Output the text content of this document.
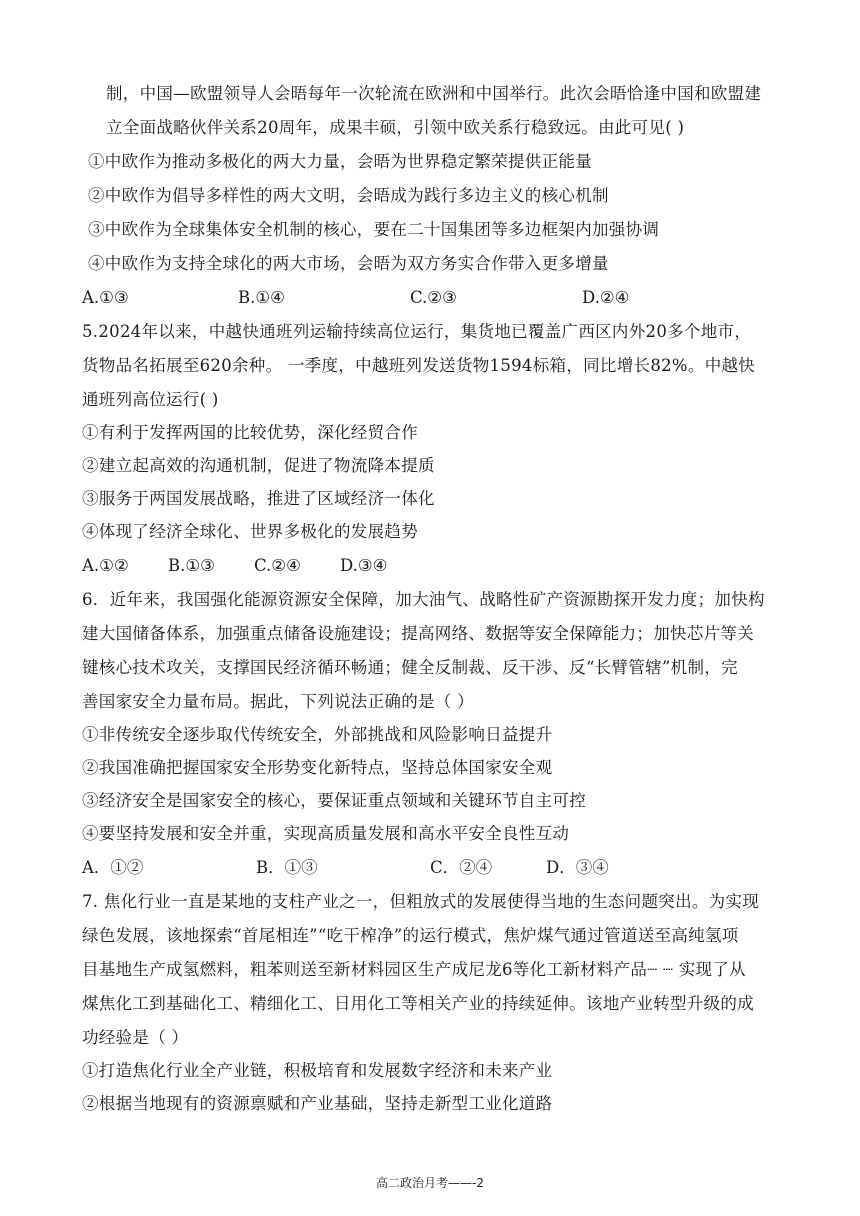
制，中国—欧盟领导人会晤每年一次轮流在欧洲和中国举行。此次会晤恰逢中国和欧盟建
立全面战略伙伴关系20周年，成果丰硕，引领中欧关系行稳致远。由此可见( )
①中欧作为推动多极化的两大力量，会晤为世界稳定繁荣提供正能量
②中欧作为倡导多样性的两大文明，会晤成为践行多边主义的核心机制
③中欧作为全球集体安全机制的核心，要在二十国集团等多边框架内加强协调
④中欧作为支持全球化的两大市场，会晤为双方务实合作带入更多增量
A.①③	B.①④	C.②③	D.②④
5.2024年以来，中越快通班列运输持续高位运行，集货地已覆盖广西区内外20多个地市，
货物品名拓展至620余种。 一季度，中越班列发送货物1594标箱，同比增长82%。中越快
通班列高位运行( )
①有利于发挥两国的比较优势，深化经贸合作
②建立起高效的沟通机制，促进了物流降本提质
③服务于两国发展战略，推进了区域经济一体化
④体现了经济全球化、世界多极化的发展趋势
A.①② B.①③ C.②④ D.③④
6．近年来，我国强化能源资源安全保障，加大油气、战略性矿产资源勘探开发力度；加快构
建大国储备体系，加强重点储备设施建设；提高网络、数据等安全保障能力；加快芯片等关
键核心技术攻关，支撑国民经济循环畅通；健全反制裁、反干涉、反“长臂管辖”机制，完
善国家安全力量布局。据此，下列说法正确的是（ ）
①非传统安全逐步取代传统安全，外部挑战和风险影响日益提升
②我国准确把握国家安全形势变化新特点，坚持总体国家安全观
③经济安全是国家安全的核心，要保证重点领域和关键环节自主可控
④要坚持发展和安全并重，实现高质量发展和高水平安全良性互动
A．①②	B．①③	C．②④	D．③④
7. 焦化行业一直是某地的支柱产业之一，但粗放式的发展使得当地的生态问题突出。为实现
绿色发展，该地探索“首尾相连”“吃干榨净”的运行模式，焦炉煤气通过管道送至高纯氢项
目基地生产成氢燃料，粗苯则送至新材料园区生产成尼龙6等化工新材料产品┈ ┈ 实现了从
煤焦化工到基础化工、精细化工、日用化工等相关产业的持续延伸。该地产业转型升级的成
功经验是（ ）
①打造焦化行业全产业链，积极培育和发展数字经济和未来产业
②根据当地现有的资源禀赋和产业基础，坚持走新型工业化道路
高二政治月考——-2
